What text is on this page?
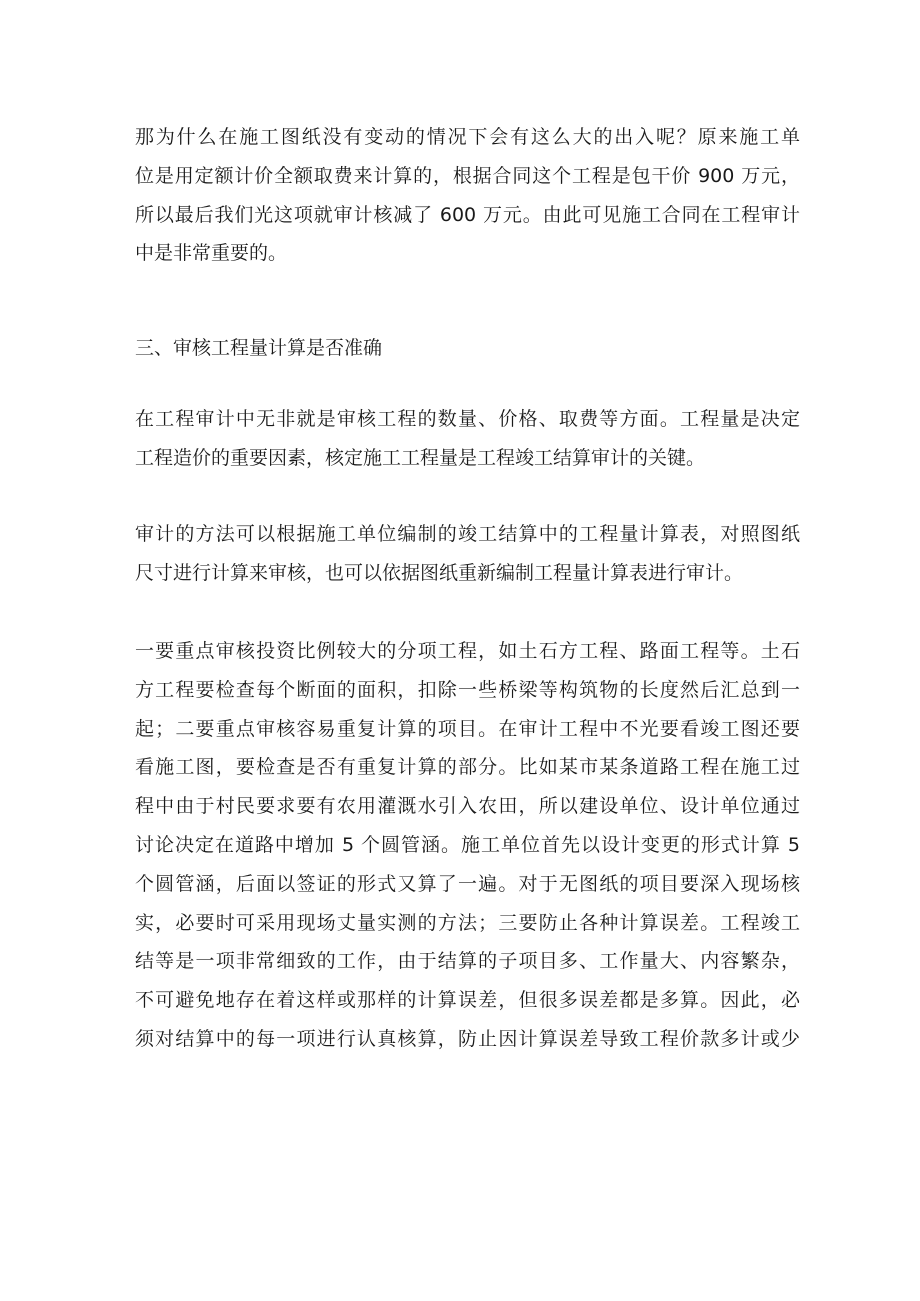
那为什么在施工图纸没有变动的情况下会有这么大的出入呢？原来施工单
位是用定额计价全额取费来计算的，根据合同这个工程是包干价 900 万元，
所以最后我们光这项就审计核减了 600 万元。由此可见施工合同在工程审计
中是非常重要的。
三、审核工程量计算是否准确
在工程审计中无非就是审核工程的数量、价格、取费等方面。工程量是决定
工程造价的重要因素，核定施工工程量是工程竣工结算审计的关键。
审计的方法可以根据施工单位编制的竣工结算中的工程量计算表，对照图纸
尺寸进行计算来审核，也可以依据图纸重新编制工程量计算表进行审计。
一要重点审核投资比例较大的分项工程，如土石方工程、路面工程等。土石
方工程要检查每个断面的面积，扣除一些桥梁等构筑物的长度然后汇总到一
起；二要重点审核容易重复计算的项目。在审计工程中不光要看竣工图还要
看施工图，要检查是否有重复计算的部分。比如某市某条道路工程在施工过
程中由于村民要求要有农用灌溉水引入农田，所以建设单位、设计单位通过
讨论决定在道路中增加 5 个圆管涵。施工单位首先以设计变更的形式计算 5
个圆管涵，后面以签证的形式又算了一遍。对于无图纸的项目要深入现场核
实，必要时可采用现场丈量实测的方法；三要防止各种计算误差。工程竣工
结等是一项非常细致的工作，由于结算的子项目多、工作量大、内容繁杂，
不可避免地存在着这样或那样的计算误差，但很多误差都是多算。因此，必
须对结算中的每一项进行认真核算，防止因计算误差导致工程价款多计或少
